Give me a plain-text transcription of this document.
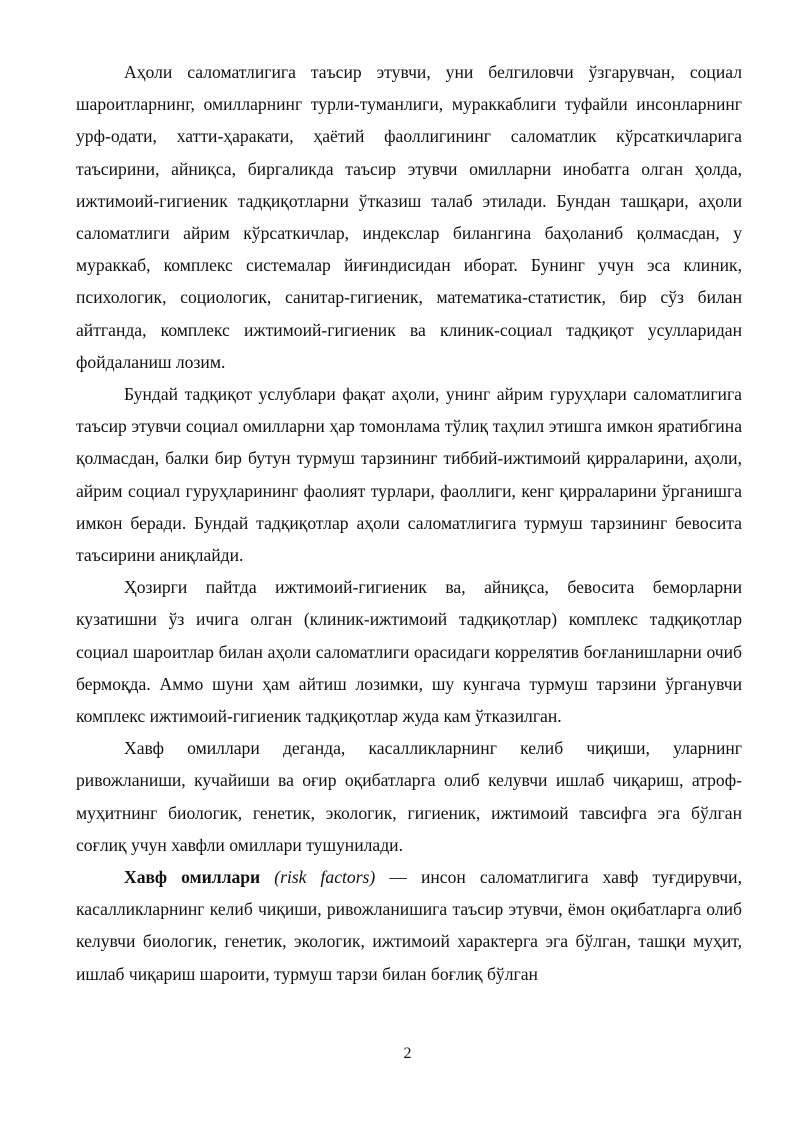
Аҳоли саломатлигига таъсир этувчи, уни белгиловчи ўзгарувчан, социал шароитларнинг, омилларнинг турли-туманлиги, мураккаблиги туфайли инсонларнинг урф-одати, хатти-ҳаракати, ҳаётий фаоллигининг саломатлик кўрсаткичларига таъсирини, айниқса, биргаликда таъсир этувчи омилларни инобатга олган ҳолда, ижтимоий-гигиеник тадқиқотларни ўтказиш талаб этилади. Бундан ташқари, аҳоли саломатлиги айрим кўрсаткичлар, индекслар билангина баҳоланиб қолмасдан, у мураккаб, комплекс системалар йиғиндисидан иборат. Бунинг учун эса клиник, психологик, социологик, санитар-гигиеник, математика-статистик, бир сўз билан айтганда, комплекс ижтимоий-гигиеник ва клиник-социал тадқиқот усулларидан фойдаланиш лозим.

Бундай тадқиқот услублари фақат аҳоли, унинг айрим гуруҳлари саломатлигига таъсир этувчи социал омилларни ҳар томонлама тўлиқ таҳлил этишга имкон яратибгина қолмасдан, балки бир бутун турмуш тарзининг тиббий-ижтимоий қирраларини, аҳоли, айрим социал гуруҳларининг фаолият турлари, фаоллиги, кенг қирраларини ўрганишга имкон беради. Бундай тадқиқотлар аҳоли саломатлигига турмуш тарзининг бевосита таъсирини аниқлайди.

Ҳозирги пайтда ижтимоий-гигиеник ва, айниқса, бевосита беморларни кузатишни ўз ичига олган (клиник-ижтимоий тадқиқотлар) комплекс тадқиқотлар социал шароитлар билан аҳоли саломатлиги орасидаги коррелятив боғланишларни очиб бермоқда. Аммо шуни ҳам айтиш лозимки, шу кунгача турмуш тарзини ўрганувчи комплекс ижтимоий-гигиеник тадқиқотлар жуда кам ўтказилган.

Хавф омиллари деганда, касалликларнинг келиб чиқиши, уларнинг ривожланиши, кучайиши ва оғир оқибатларга олиб келувчи ишлаб чиқариш, атроф-муҳитнинг биологик, генетик, экологик, гигиеник, ижтимоий тавсифга эга бўлган соғлиқ учун хавфли омиллари тушунилади.

Хавф омиллари (risk factors) — инсон саломатлигига хавф туғдирувчи, касалликларнинг келиб чиқиши, ривожланишига таъсир этувчи, ёмон оқибатларга олиб келувчи биологик, генетик, экологик, ижтимоий характерга эга бўлган, ташқи муҳит, ишлаб чиқариш шароити, турмуш тарзи билан боғлиқ бўлган

2
